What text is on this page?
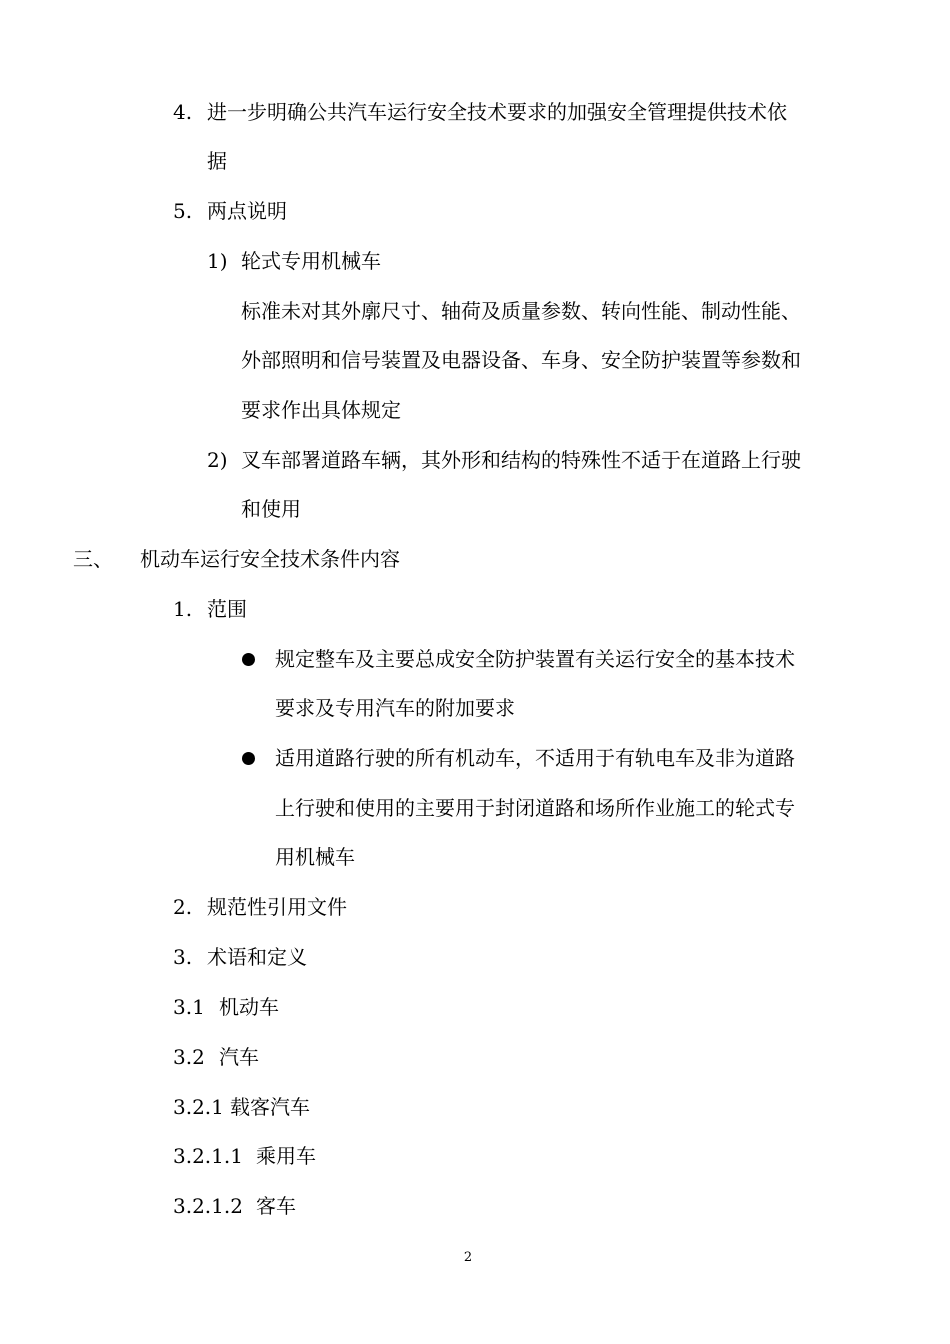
4. 进一步明确公共汽车运行安全技术要求的加强安全管理提供技术依
据
5. 两点说明
1) 轮式专用机械车
标准未对其外廓尺寸、轴荷及质量参数、转向性能、制动性能、
外部照明和信号装置及电器设备、车身、安全防护装置等参数和
要求作出具体规定
2) 叉车部署道路车辆，其外形和结构的特殊性不适于在道路上行驶
和使用
三、 机动车运行安全技术条件内容
1. 范围
规定整车及主要总成安全防护装置有关运行安全的基本技术
要求及专用汽车的附加要求
适用道路行驶的所有机动车，不适用于有轨电车及非为道路
上行驶和使用的主要用于封闭道路和场所作业施工的轮式专
用机械车
2. 规范性引用文件
3. 术语和定义
3.1 机动车
3.2 汽车
3.2.1 载客汽车
3.2.1.1 乘用车
3.2.1.2 客车
2
